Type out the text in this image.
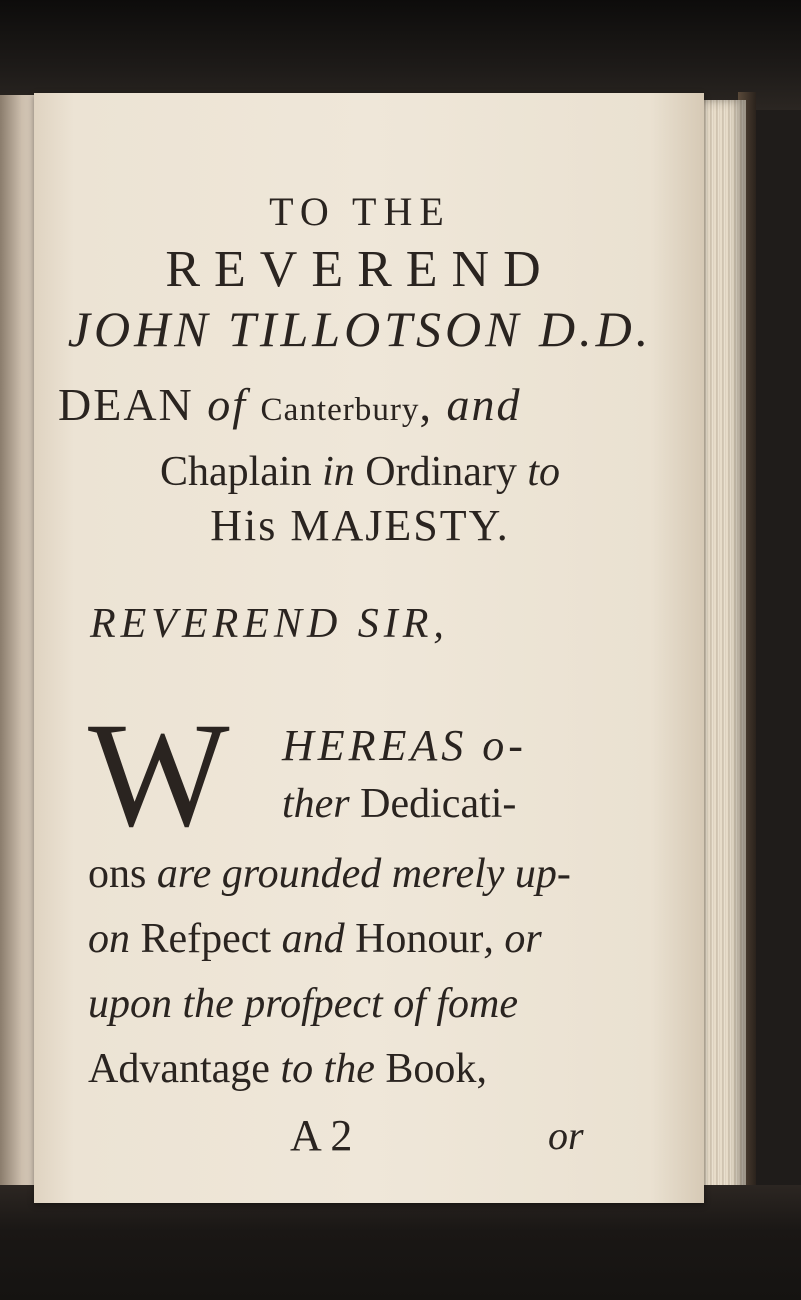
TO THE
REVEREND
JOHN TILLOTSON D.D.
DEAN of Canterbury, and
Chaplain in Ordinary to
His MAJESTY.
REVEREND SIR,
W HEREAS o-
ther Dedicati-
ons are grounded merely up-
on Refpect and Honour, or
upon the profpect of fome
Advantage to the Book,
A 2	or
